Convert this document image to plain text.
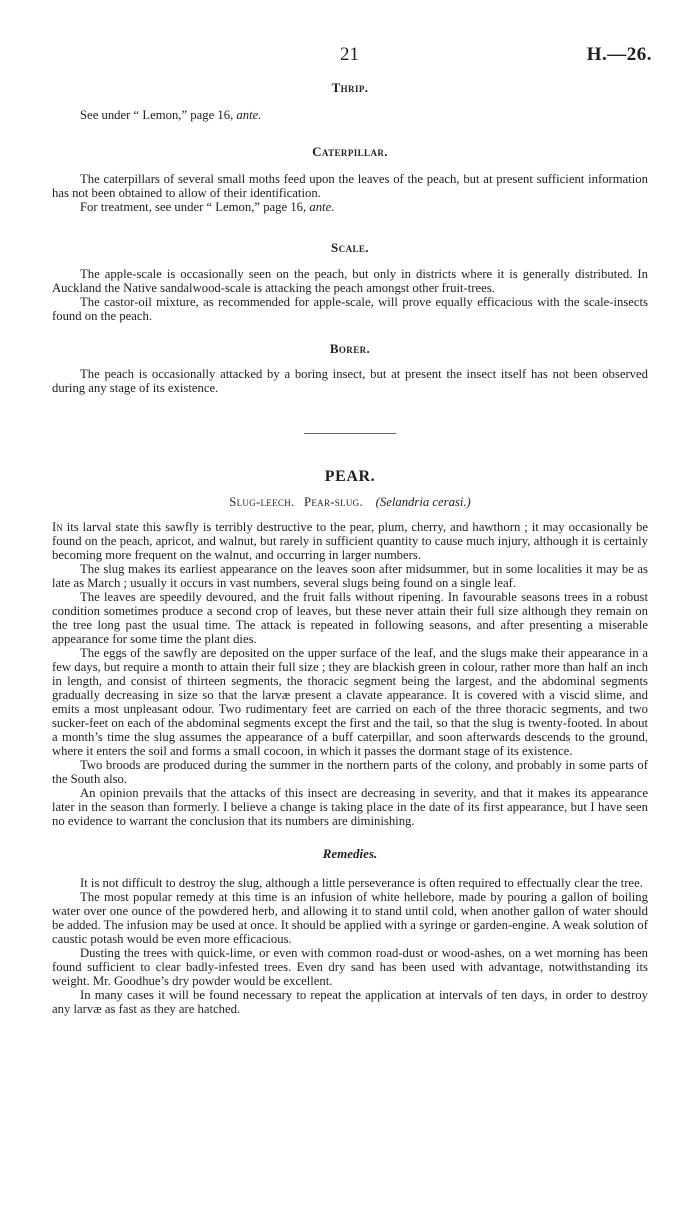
21	H.—26.
Thrip.

See under “ Lemon,” page 16, ante.

Caterpillar.

The caterpillars of several small moths feed upon the leaves of the peach, but at present sufficient information has not been obtained to allow of their identification.

For treatment, see under “ Lemon,” page 16, ante.

Scale.

The apple-scale is occasionally seen on the peach, but only in districts where it is generally distributed. In Auckland the Native sandalwood-scale is attacking the peach amongst other fruit-trees.

The castor-oil mixture, as recommended for apple-scale, will prove equally efficacious with the scale-insects found on the peach.

Borer.

The peach is occasionally attacked by a boring insect, but at present the insect itself has not been observed during any stage of its existence.

PEAR.
Slug-leech. Pear-slug. (Selandria cerasi.)

In its larval state this sawfly is terribly destructive to the pear, plum, cherry, and hawthorn ; it may occasionally be found on the peach, apricot, and walnut, but rarely in sufficient quantity to cause much injury, although it is certainly becoming more frequent on the walnut, and occurring in larger numbers.

The slug makes its earliest appearance on the leaves soon after midsummer, but in some localities it may be as late as March ; usually it occurs in vast numbers, several slugs being found on a single leaf.

The leaves are speedily devoured, and the fruit falls without ripening. In favourable seasons trees in a robust condition sometimes produce a second crop of leaves, but these never attain their full size although they remain on the tree long past the usual time. The attack is repeated in following seasons, and after presenting a miserable appearance for some time the plant dies.

The eggs of the sawfly are deposited on the upper surface of the leaf, and the slugs make their appearance in a few days, but require a month to attain their full size ; they are blackish green in colour, rather more than half an inch in length, and consist of thirteen segments, the thoracic segment being the largest, and the abdominal segments gradually decreasing in size so that the larvæ present a clavate appearance. It is covered with a viscid slime, and emits a most unpleasant odour. Two rudimentary feet are carried on each of the three thoracic segments, and two sucker-feet on each of the abdominal segments except the first and the tail, so that the slug is twenty-footed. In about a month’s time the slug assumes the appearance of a buff caterpillar, and soon afterwards descends to the ground, where it enters the soil and forms a small cocoon, in which it passes the dormant stage of its existence.

Two broods are produced during the summer in the northern parts of the colony, and probably in some parts of the South also.

An opinion prevails that the attacks of this insect are decreasing in severity, and that it makes its appearance later in the season than formerly. I believe a change is taking place in the date of its first appearance, but I have seen no evidence to warrant the conclusion that its numbers are diminishing.

Remedies.

It is not difficult to destroy the slug, although a little perseverance is often required to effectually clear the tree.

The most popular remedy at this time is an infusion of white hellebore, made by pouring a gallon of boiling water over one ounce of the powdered herb, and allowing it to stand until cold, when another gallon of water should be added. The infusion may be used at once. It should be applied with a syringe or garden-engine. A weak solution of caustic potash would be even more efficacious.

Dusting the trees with quick-lime, or even with common road-dust or wood-ashes, on a wet morning has been found sufficient to clear badly-infested trees. Even dry sand has been used with advantage, notwithstanding its weight. Mr. Goodhue’s dry powder would be excellent.

In many cases it will be found necessary to repeat the application at intervals of ten days, in order to destroy any larvæ as fast as they are hatched.
